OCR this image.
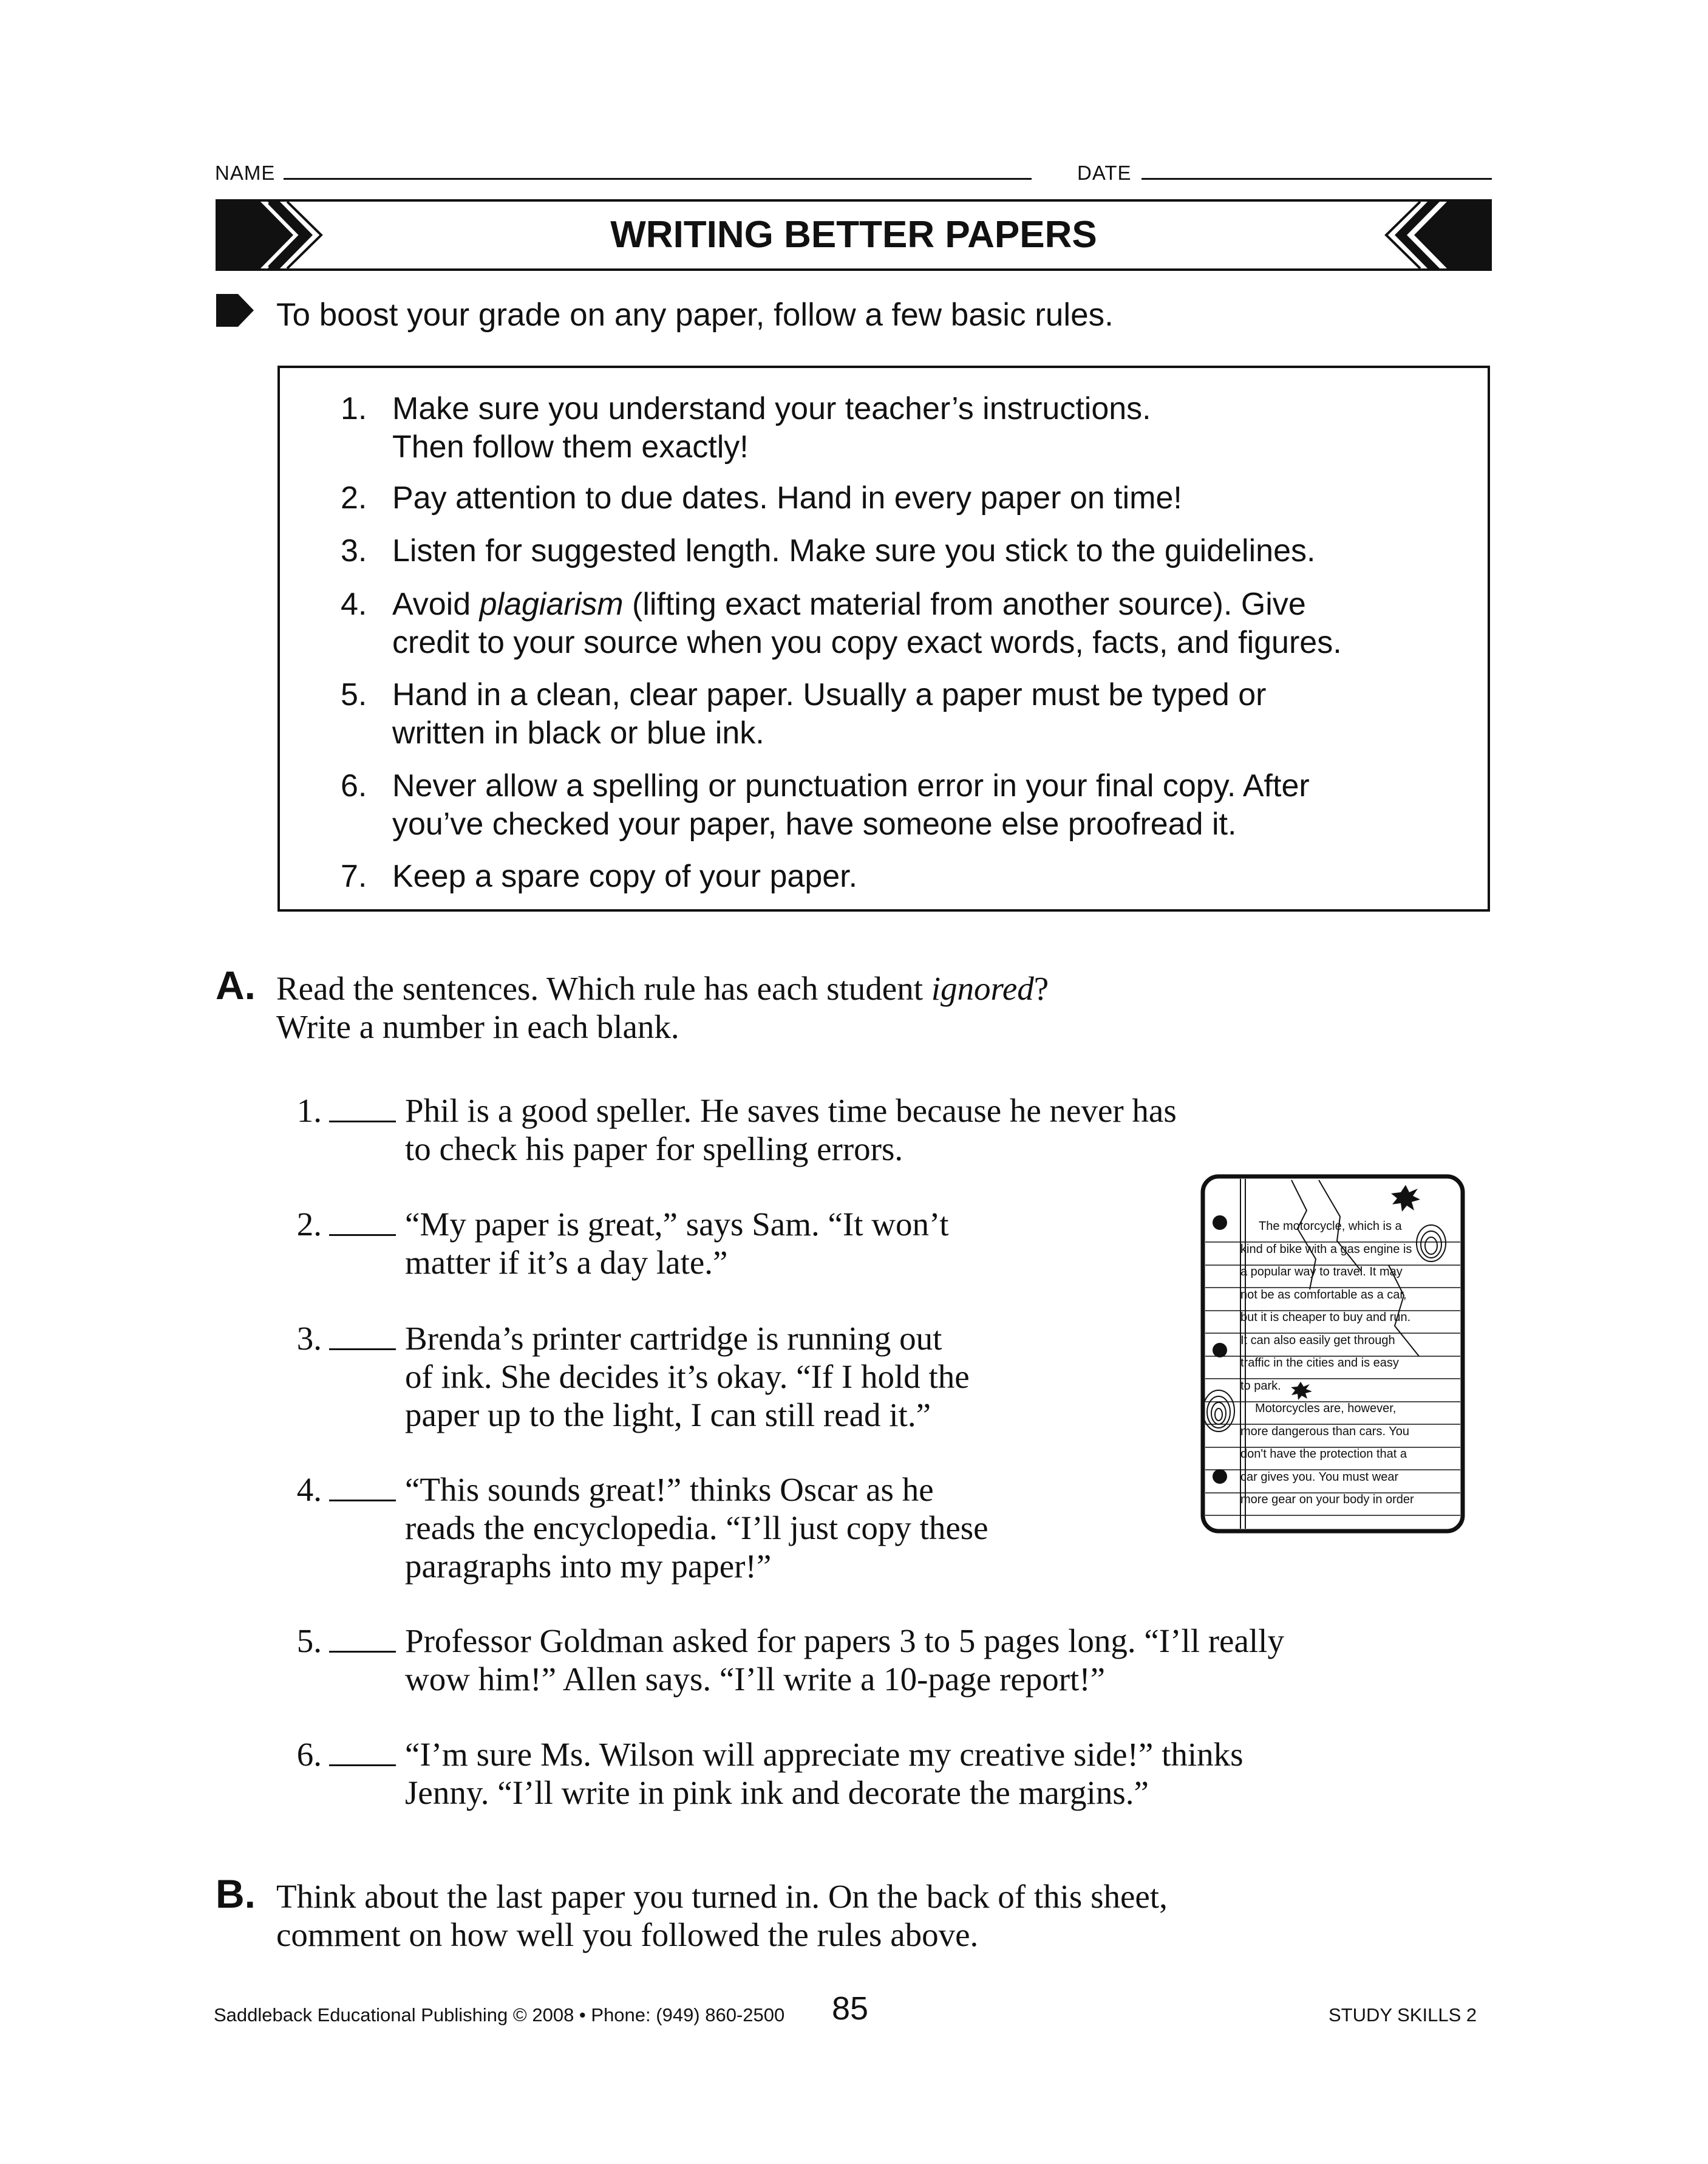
NAME	DATE
WRITING BETTER PAPERS
To boost your grade on any paper, follow a few basic rules.
1. Make sure you understand your teacher’s instructions.
Then follow them exactly!
2. Pay attention to due dates. Hand in every paper on time!
3. Listen for suggested length. Make sure you stick to the guidelines.
4. Avoid plagiarism (lifting exact material from another source). Give
credit to your source when you copy exact words, facts, and figures.
5. Hand in a clean, clear paper. Usually a paper must be typed or
written in black or blue ink.
6. Never allow a spelling or punctuation error in your final copy. After
you’ve checked your paper, have someone else proofread it.
7. Keep a spare copy of your paper.
A. Read the sentences. Which rule has each student ignored?
Write a number in each blank.
1. Phil is a good speller. He saves time because he never has
to check his paper for spelling errors.
2. “My paper is great,” says Sam. “It won’t
matter if it’s a day late.”
3. Brenda’s printer cartridge is running out
of ink. She decides it’s okay. “If I hold the
paper up to the light, I can still read it.”
4. “This sounds great!” thinks Oscar as he
reads the encyclopedia. “I’ll just copy these
paragraphs into my paper!”
5. Professor Goldman asked for papers 3 to 5 pages long. “I’ll really
wow him!” Allen says. “I’ll write a 10-page report!”
6. “I’m sure Ms. Wilson will appreciate my creative side!” thinks
Jenny. “I’ll write in pink ink and decorate the margins.”
The motorcycle, which is a
kind of bike with a gas engine is
a popular way to travel. It may
not be as comfortable as a car,
but it is cheaper to buy and run.
It can also easily get through
traffic in the cities and is easy
to park.
Motorcycles are, however,
more dangerous than cars. You
don't have the protection that a
car gives you. You must wear
more gear on your body in order
B. Think about the last paper you turned in. On the back of this sheet,
comment on how well you followed the rules above.
Saddleback Educational Publishing © 2008 • Phone: (949) 860-2500 85	STUDY SKILLS 2
